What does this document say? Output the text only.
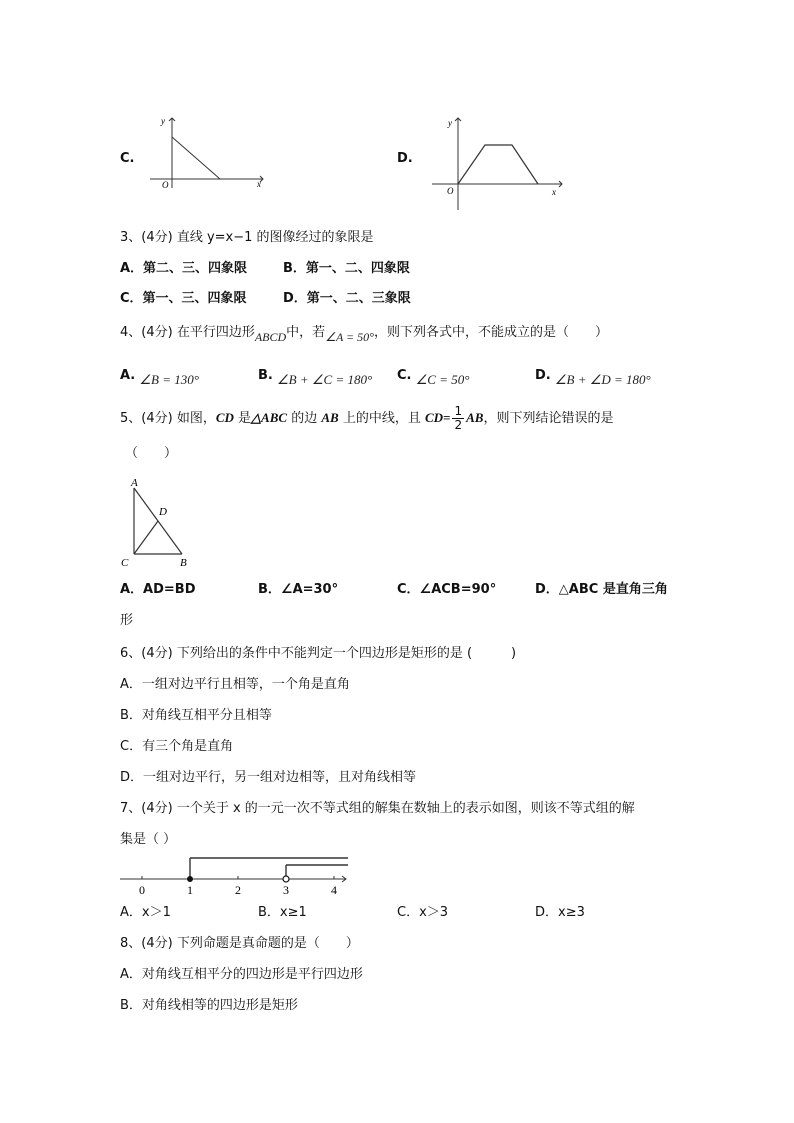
C.
y
x
O
D.
y
x
O
3、(4分) 直线 y=x−1 的图像经过的象限是
A．第二、三、四象限	B．第一、二、四象限
C．第一、三、四象限	D．第一、二、三象限
4、(4分) 在平行四边形ABCD中，若∠A = 50°，则下列各式中，不能成立的是（　　）
A. ∠B = 130°	B. ∠B + ∠C = 180° C. ∠C = 50°	D. ∠B + ∠D = 180°
5、(4分) 如图，CD 是△ABC 的边 AB 上的中线，且 $CD= \frac{1}{2}$ AB，则下列结论错误的是
（　　）
A
D
C	B
A．AD=BD	B．∠A=30°	C．∠ACB=90°	D．△ABC 是直角三角
形
6、(4分) 下列给出的条件中不能判定一个四边形是矩形的是 (　　　)
A．一组对边平行且相等，一个角是直角
B．对角线互相平分且相等
C．有三个角是直角
D．一组对边平行，另一组对边相等，且对角线相等
7、(4分) 一个关于 x 的一元一次不等式组的解集在数轴上的表示如图，则该不等式组的解
集是（ ）
0	1	2	3	4
A．x＞1	B．x≥1	C．x＞3	D．x≥3
8、(4分) 下列命题是真命题的是（　　）
A．对角线互相平分的四边形是平行四边形
B．对角线相等的四边形是矩形
